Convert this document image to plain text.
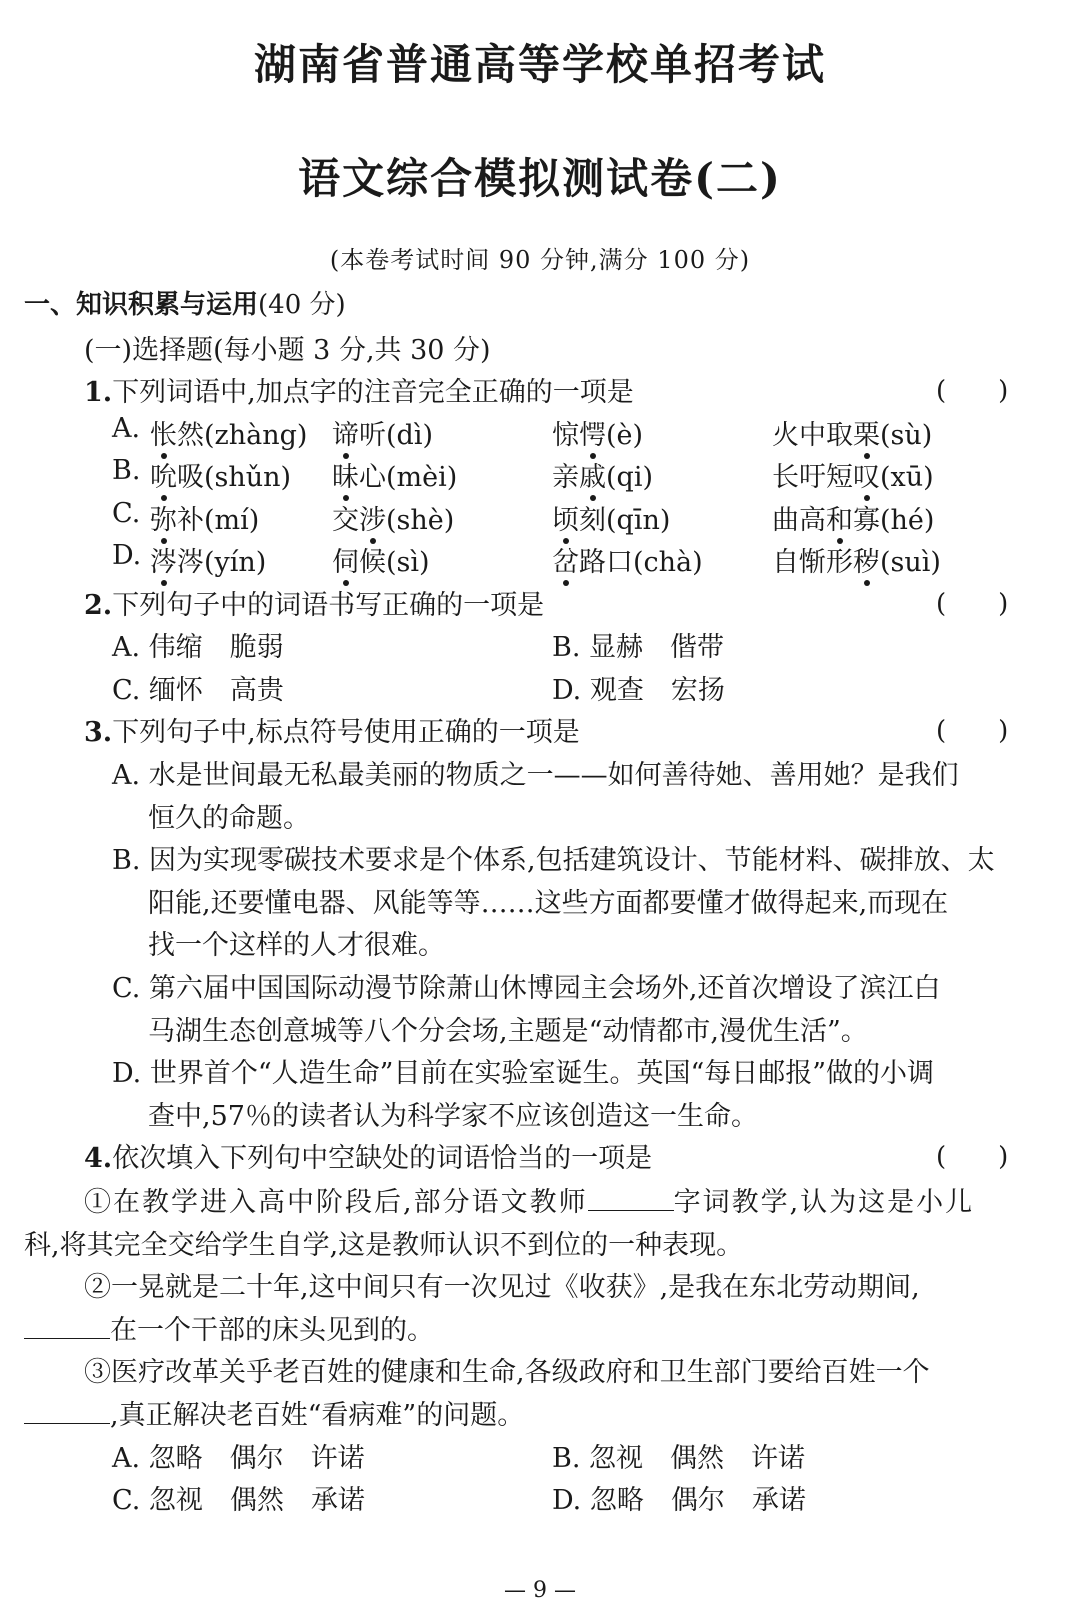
湖南省普通高等学校单招考试
语文综合模拟测试卷(二)
(本卷考试时间 90 分钟,满分 100 分)
一、知识积累与运用(40 分)
(一)选择题(每小题 3 分,共 30 分)
1.下列词语中,加点字的注音完全正确的一项是	(　　)
A. 怅然(zhàng) 谛听(dì)	惊愕(è)	火中取栗(sù)
B. 吮吸(shǔn) 昧心(mèi)	亲戚(qi)	长吁短叹(xū)
C. 弥补(mí)	交涉(shè)	顷刻(qīn)	曲高和寡(hé)
D. 涔涔(yín) 伺候(sì)	岔路口(chà)	自惭形秽(suì)
2.下列句子中的词语书写正确的一项是	(　　)
A. 伟缩　脆弱	B. 显赫　偕带
C. 缅怀　高贵	D. 观查　宏扬
3.下列句子中,标点符号使用正确的一项是	(　　)
A. 水是世间最无私最美丽的物质之一——如何善待她、善用她？是我们
恒久的命题。
B. 因为实现零碳技术要求是个体系,包括建筑设计、节能材料、碳排放、太
阳能,还要懂电器、风能等等……这些方面都要懂才做得起来,而现在
找一个这样的人才很难。
C. 第六届中国国际动漫节除萧山休博园主会场外,还首次增设了滨江白
马湖生态创意城等八个分会场,主题是“动情都市,漫优生活”。
D. 世界首个“人造生命”目前在实验室诞生。英国“每日邮报”做的小调
查中,57％的读者认为科学家不应该创造这一生命。
4.依次填入下列句中空缺处的词语恰当的一项是	(　　)
①在教学进入高中阶段后,部分语文教师	字词教学,认为这是小儿
科,将其完全交给学生自学,这是教师认识不到位的一种表现。
②一晃就是二十年,这中间只有一次见过《收获》,是我在东北劳动期间,
在一个干部的床头见到的。
③医疗改革关乎老百姓的健康和生命,各级政府和卫生部门要给百姓一个
,真正解决老百姓“看病难”的问题。
A. 忽略　偶尔　许诺	B. 忽视　偶然　许诺
C. 忽视　偶然　承诺	D. 忽略　偶尔　承诺
— 9 —
